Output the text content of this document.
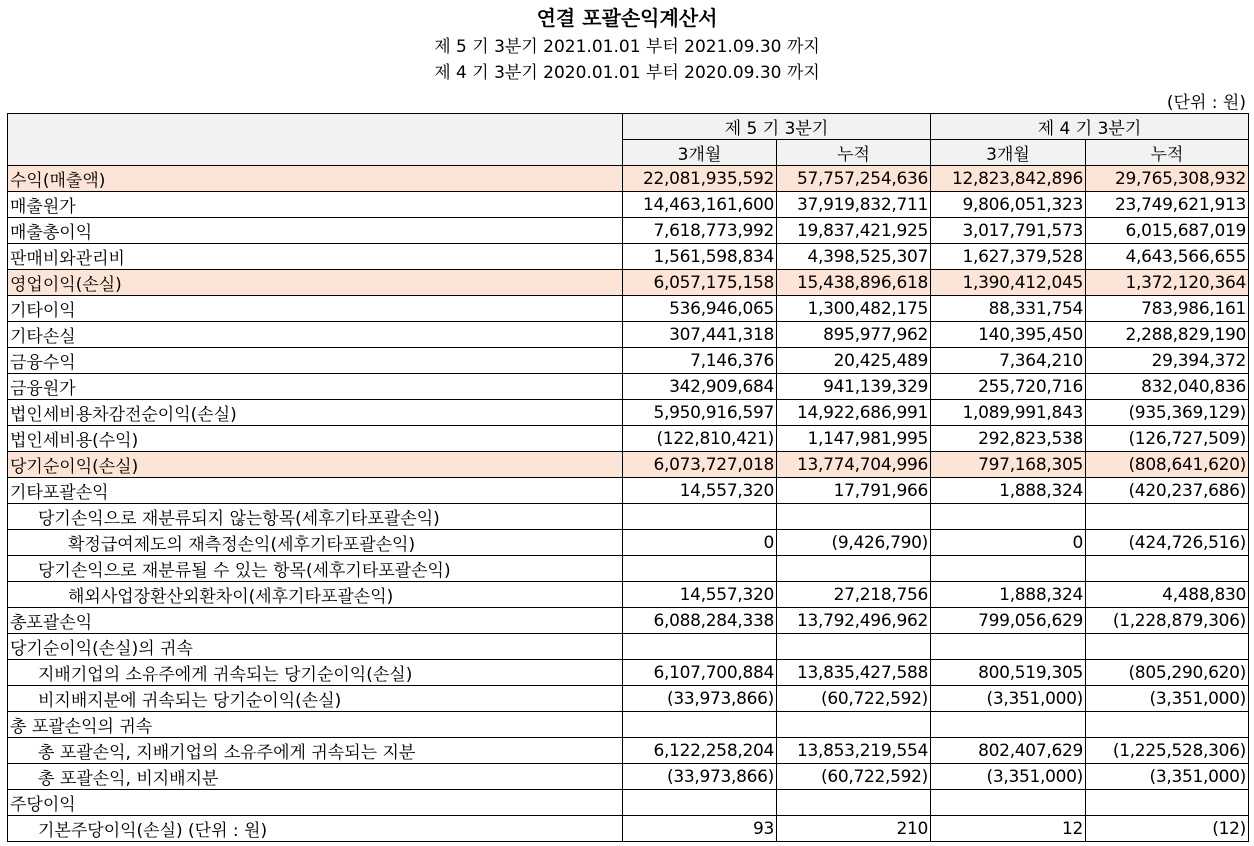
연결 포괄손익계산서
제 5 기 3분기 2021.01.01 부터 2021.09.30 까지
제 4 기 3분기 2020.01.01 부터 2020.09.30 까지
(단위 : 원)
	제 5 기 3분기		제 4 기 3분기	
	3개월	누적	3개월	누적
수익(매출액)	22,081,935,592	57,757,254,636	12,823,842,896	29,765,308,932
매출원가	14,463,161,600	37,919,832,711	9,806,051,323	23,749,621,913
매출총이익	7,618,773,992	19,837,421,925	3,017,791,573	6,015,687,019
판매비와관리비	1,561,598,834	4,398,525,307	1,627,379,528	4,643,566,655
영업이익(손실)	6,057,175,158	15,438,896,618	1,390,412,045	1,372,120,364
기타이익	536,946,065	1,300,482,175	88,331,754	783,986,161
기타손실	307,441,318	895,977,962	140,395,450	2,288,829,190
금융수익	7,146,376	20,425,489	7,364,210	29,394,372
금융원가	342,909,684	941,139,329	255,720,716	832,040,836
법인세비용차감전순이익(손실)	5,950,916,597	14,922,686,991	1,089,991,843	(935,369,129)
법인세비용(수익)	(122,810,421)	1,147,981,995	292,823,538	(126,727,509)
당기순이익(손실)	6,073,727,018	13,774,704,996	797,168,305	(808,641,620)
기타포괄손익	14,557,320	17,791,966	1,888,324	(420,237,686)
당기손익으로 재분류되지 않는항목(세후기타포괄손익)				
확정급여제도의 재측정손익(세후기타포괄손익)	0	(9,426,790)	0	(424,726,516)
당기손익으로 재분류될 수 있는 항목(세후기타포괄손익)				
해외사업장환산외환차이(세후기타포괄손익)	14,557,320	27,218,756	1,888,324	4,488,830
총포괄손익	6,088,284,338	13,792,496,962	799,056,629	(1,228,879,306)
당기순이익(손실)의 귀속				
지배기업의 소유주에게 귀속되는 당기순이익(손실)	6,107,700,884	13,835,427,588	800,519,305	(805,290,620)
비지배지분에 귀속되는 당기순이익(손실)	(33,973,866)	(60,722,592)	(3,351,000)	(3,351,000)
총 포괄손익의 귀속				
총 포괄손익, 지배기업의 소유주에게 귀속되는 지분	6,122,258,204	13,853,219,554	802,407,629	(1,225,528,306)
총 포괄손익, 비지배지분	(33,973,866)	(60,722,592)	(3,351,000)	(3,351,000)
주당이익				
기본주당이익(손실) (단위 : 원)	93	210	12	(12)
